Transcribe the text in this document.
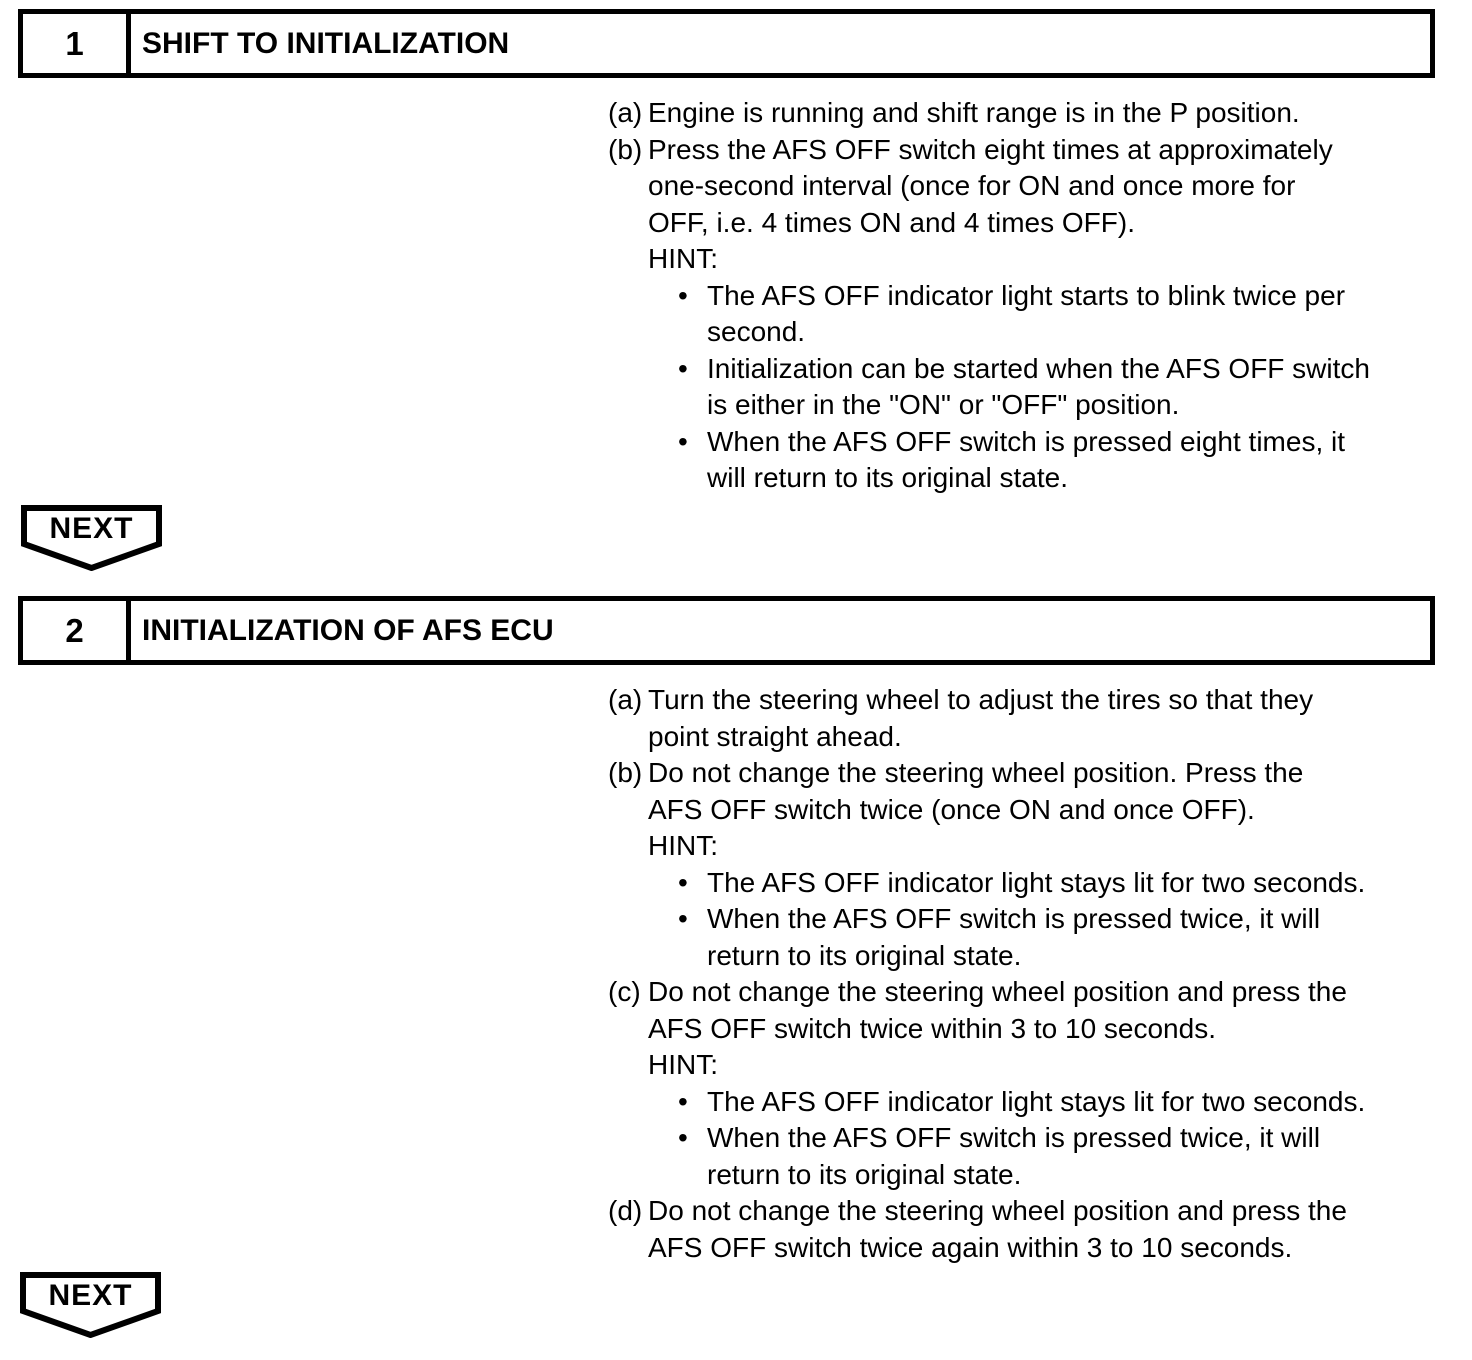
1	SHIFT TO INITIALIZATION
(a) Engine is running and shift range is in the P position.
(b) Press the AFS OFF switch eight times at approximately
one-second interval (once for ON and once more for
OFF, i.e. 4 times ON and 4 times OFF).
HINT:
• The AFS OFF indicator light starts to blink twice per
second.
• Initialization can be started when the AFS OFF switch
is either in the "ON" or "OFF" position.
• When the AFS OFF switch is pressed eight times, it
will return to its original state.
NEXT
2	INITIALIZATION OF AFS ECU
(a) Turn the steering wheel to adjust the tires so that they
point straight ahead.
(b) Do not change the steering wheel position. Press the
AFS OFF switch twice (once ON and once OFF).
HINT:
• The AFS OFF indicator light stays lit for two seconds.
• When the AFS OFF switch is pressed twice, it will
return to its original state.
(c) Do not change the steering wheel position and press the
AFS OFF switch twice within 3 to 10 seconds.
HINT:
• The AFS OFF indicator light stays lit for two seconds.
• When the AFS OFF switch is pressed twice, it will
return to its original state.
(d) Do not change the steering wheel position and press the
AFS OFF switch twice again within 3 to 10 seconds.
NEXT
